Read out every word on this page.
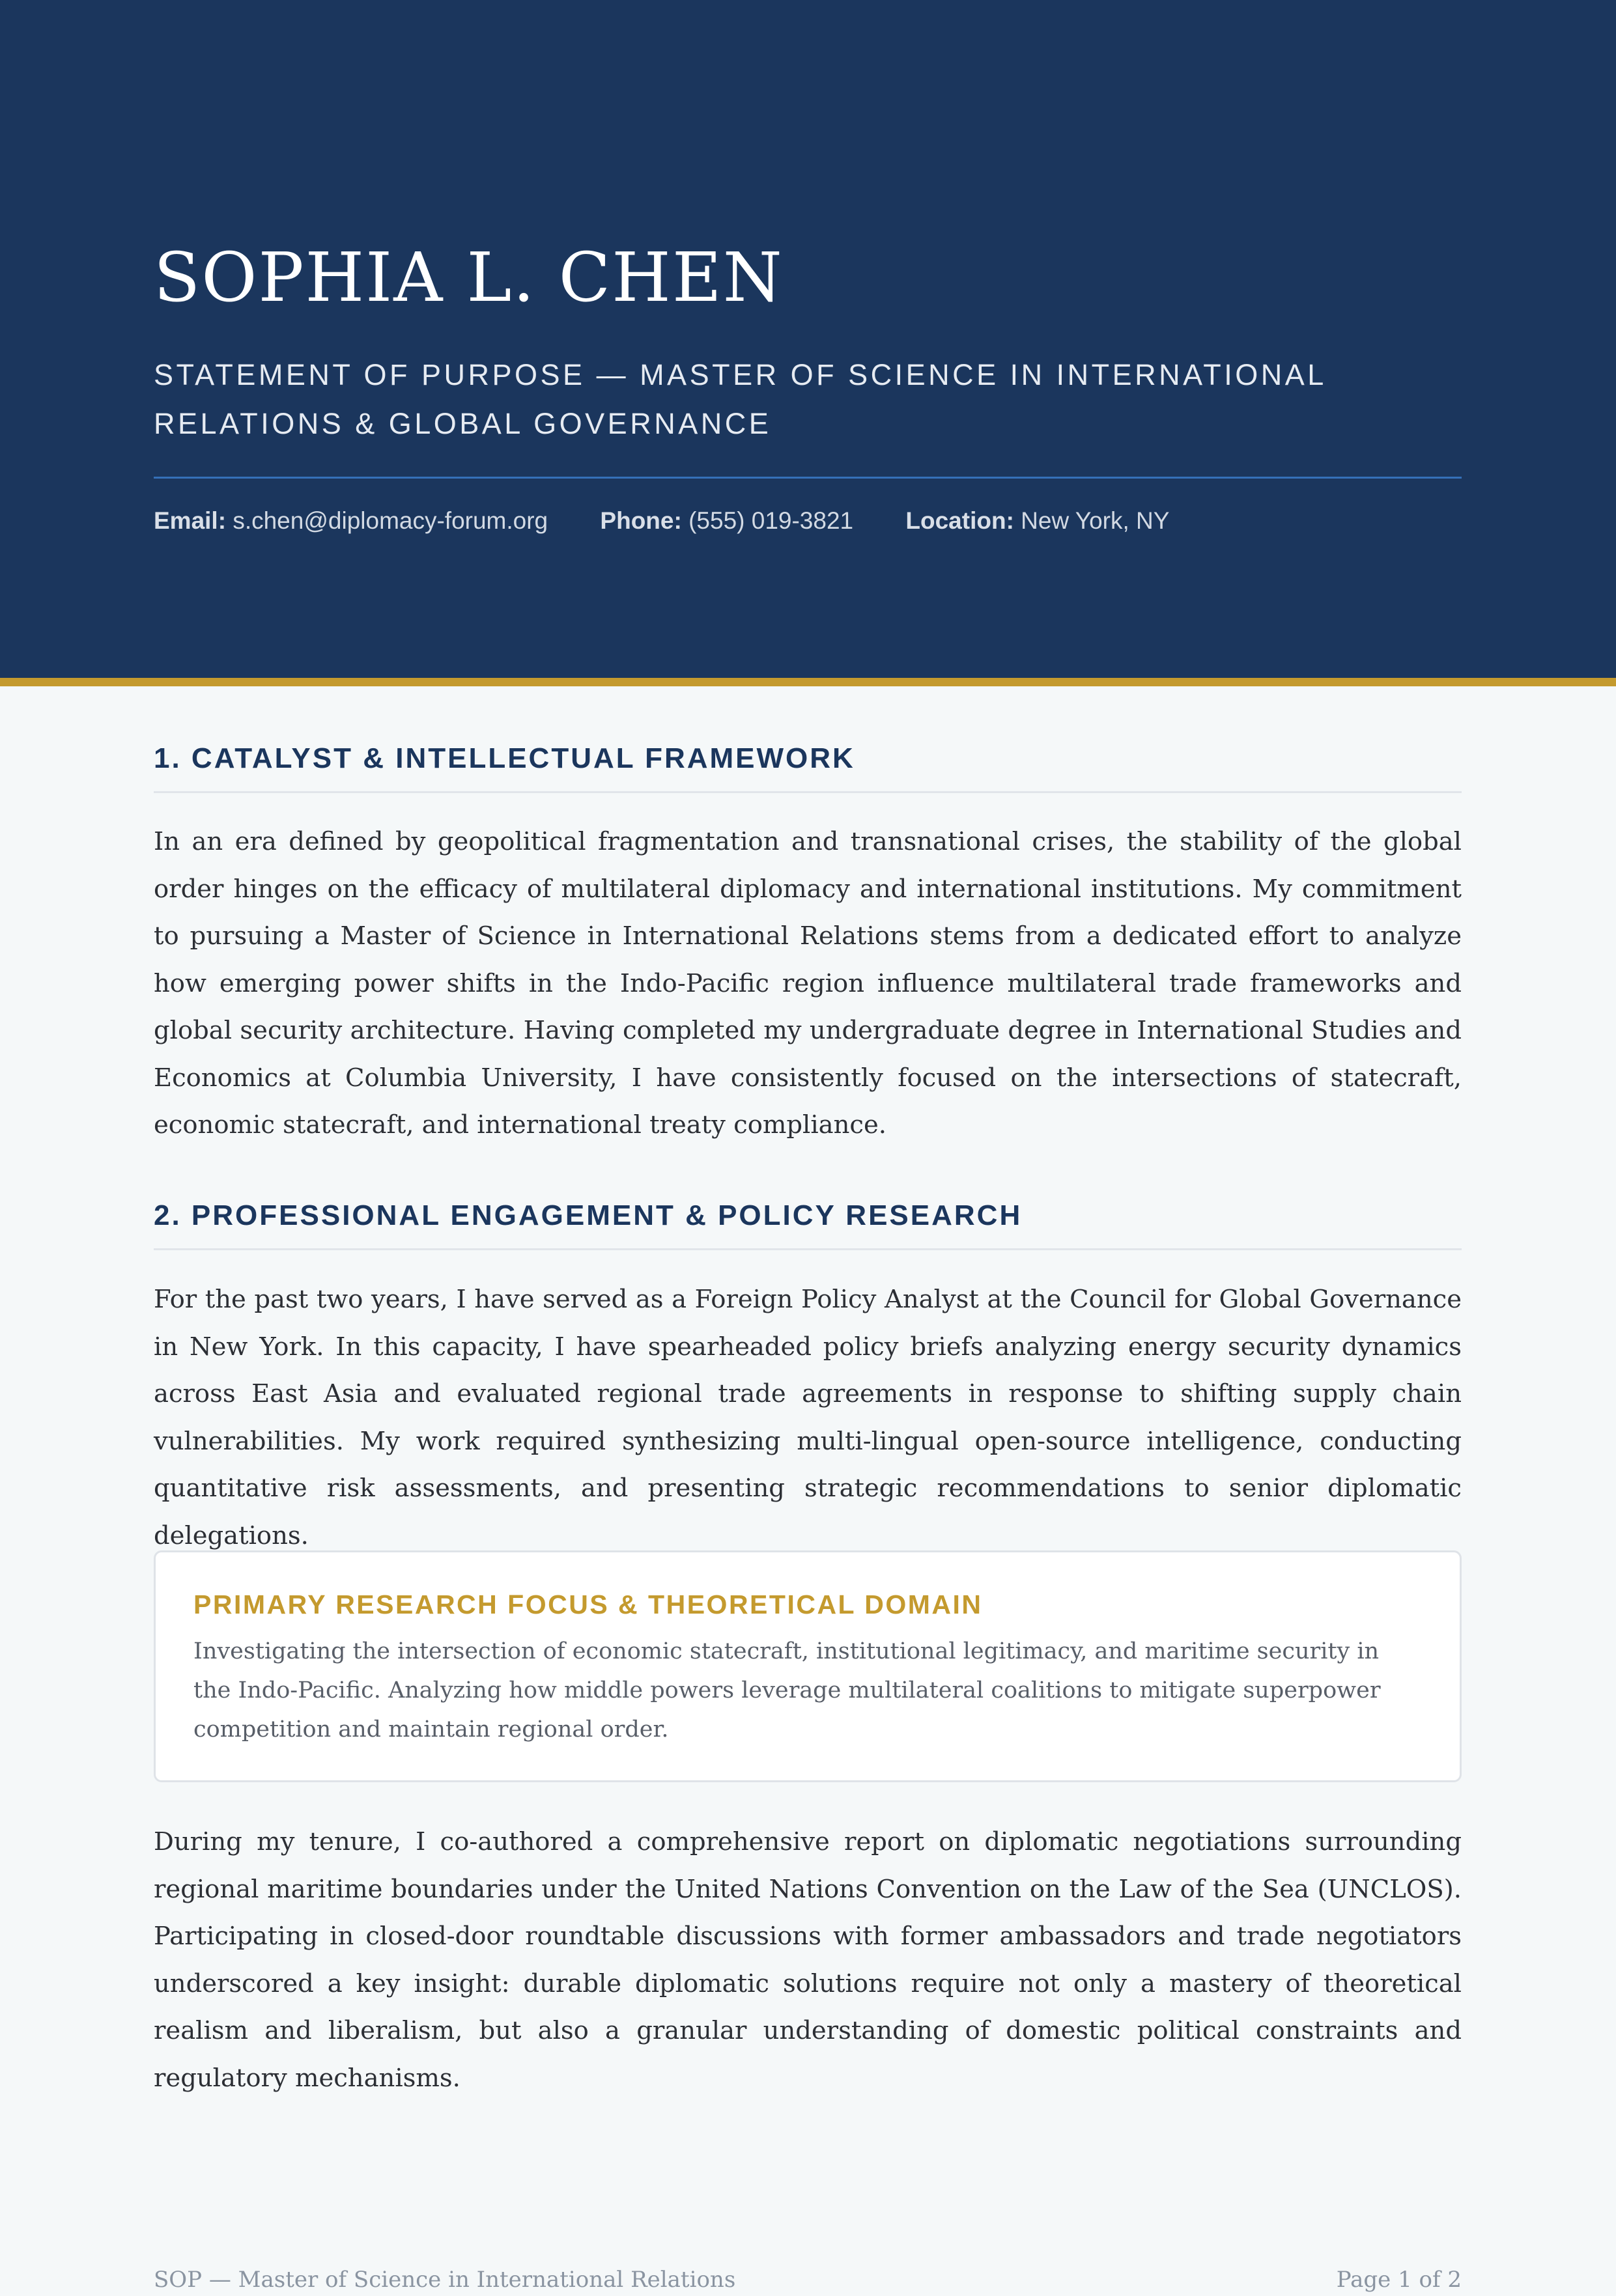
SOPHIA L. CHEN
STATEMENT OF PURPOSE — MASTER OF SCIENCE IN INTERNATIONAL RELATIONS & GLOBAL GOVERNANCE
Email: s.chen@diplomacy-forum.org Phone: (555) 019-3821 Location: New York, NY
1. CATALYST & INTELLECTUAL FRAMEWORK

In an era defined by geopolitical fragmentation and transnational crises, the stability of the global order hinges on the efficacy of multilateral diplomacy and international institutions. My commitment to pursuing a Master of Science in International Relations stems from a dedicated effort to analyze how emerging power shifts in the Indo-Pacific region influence multilateral trade frameworks and global security architecture. Having completed my undergraduate degree in International Studies and Economics at Columbia University, I have consistently focused on the intersections of statecraft, economic statecraft, and international treaty compliance.

2. PROFESSIONAL ENGAGEMENT & POLICY RESEARCH

For the past two years, I have served as a Foreign Policy Analyst at the Council for Global Governance in New York. In this capacity, I have spearheaded policy briefs analyzing energy security dynamics across East Asia and evaluated regional trade agreements in response to shifting supply chain vulnerabilities. My work required synthesizing multi-lingual open-source intelligence, conducting quantitative risk assessments, and presenting strategic recommendations to senior diplomatic delegations.

PRIMARY RESEARCH FOCUS & THEORETICAL DOMAIN

Investigating the intersection of economic statecraft, institutional legitimacy, and maritime security in the Indo-Pacific. Analyzing how middle powers leverage multilateral coalitions to mitigate superpower competition and maintain regional order.

During my tenure, I co-authored a comprehensive report on diplomatic negotiations surrounding regional maritime boundaries under the United Nations Convention on the Law of the Sea (UNCLOS). Participating in closed-door roundtable discussions with former ambassadors and trade negotiators underscored a key insight: durable diplomatic solutions require not only a mastery of theoretical realism and liberalism, but also a granular understanding of domestic political constraints and regulatory mechanisms.

SOP — Master of Science in International Relations	Page 1 of 2
